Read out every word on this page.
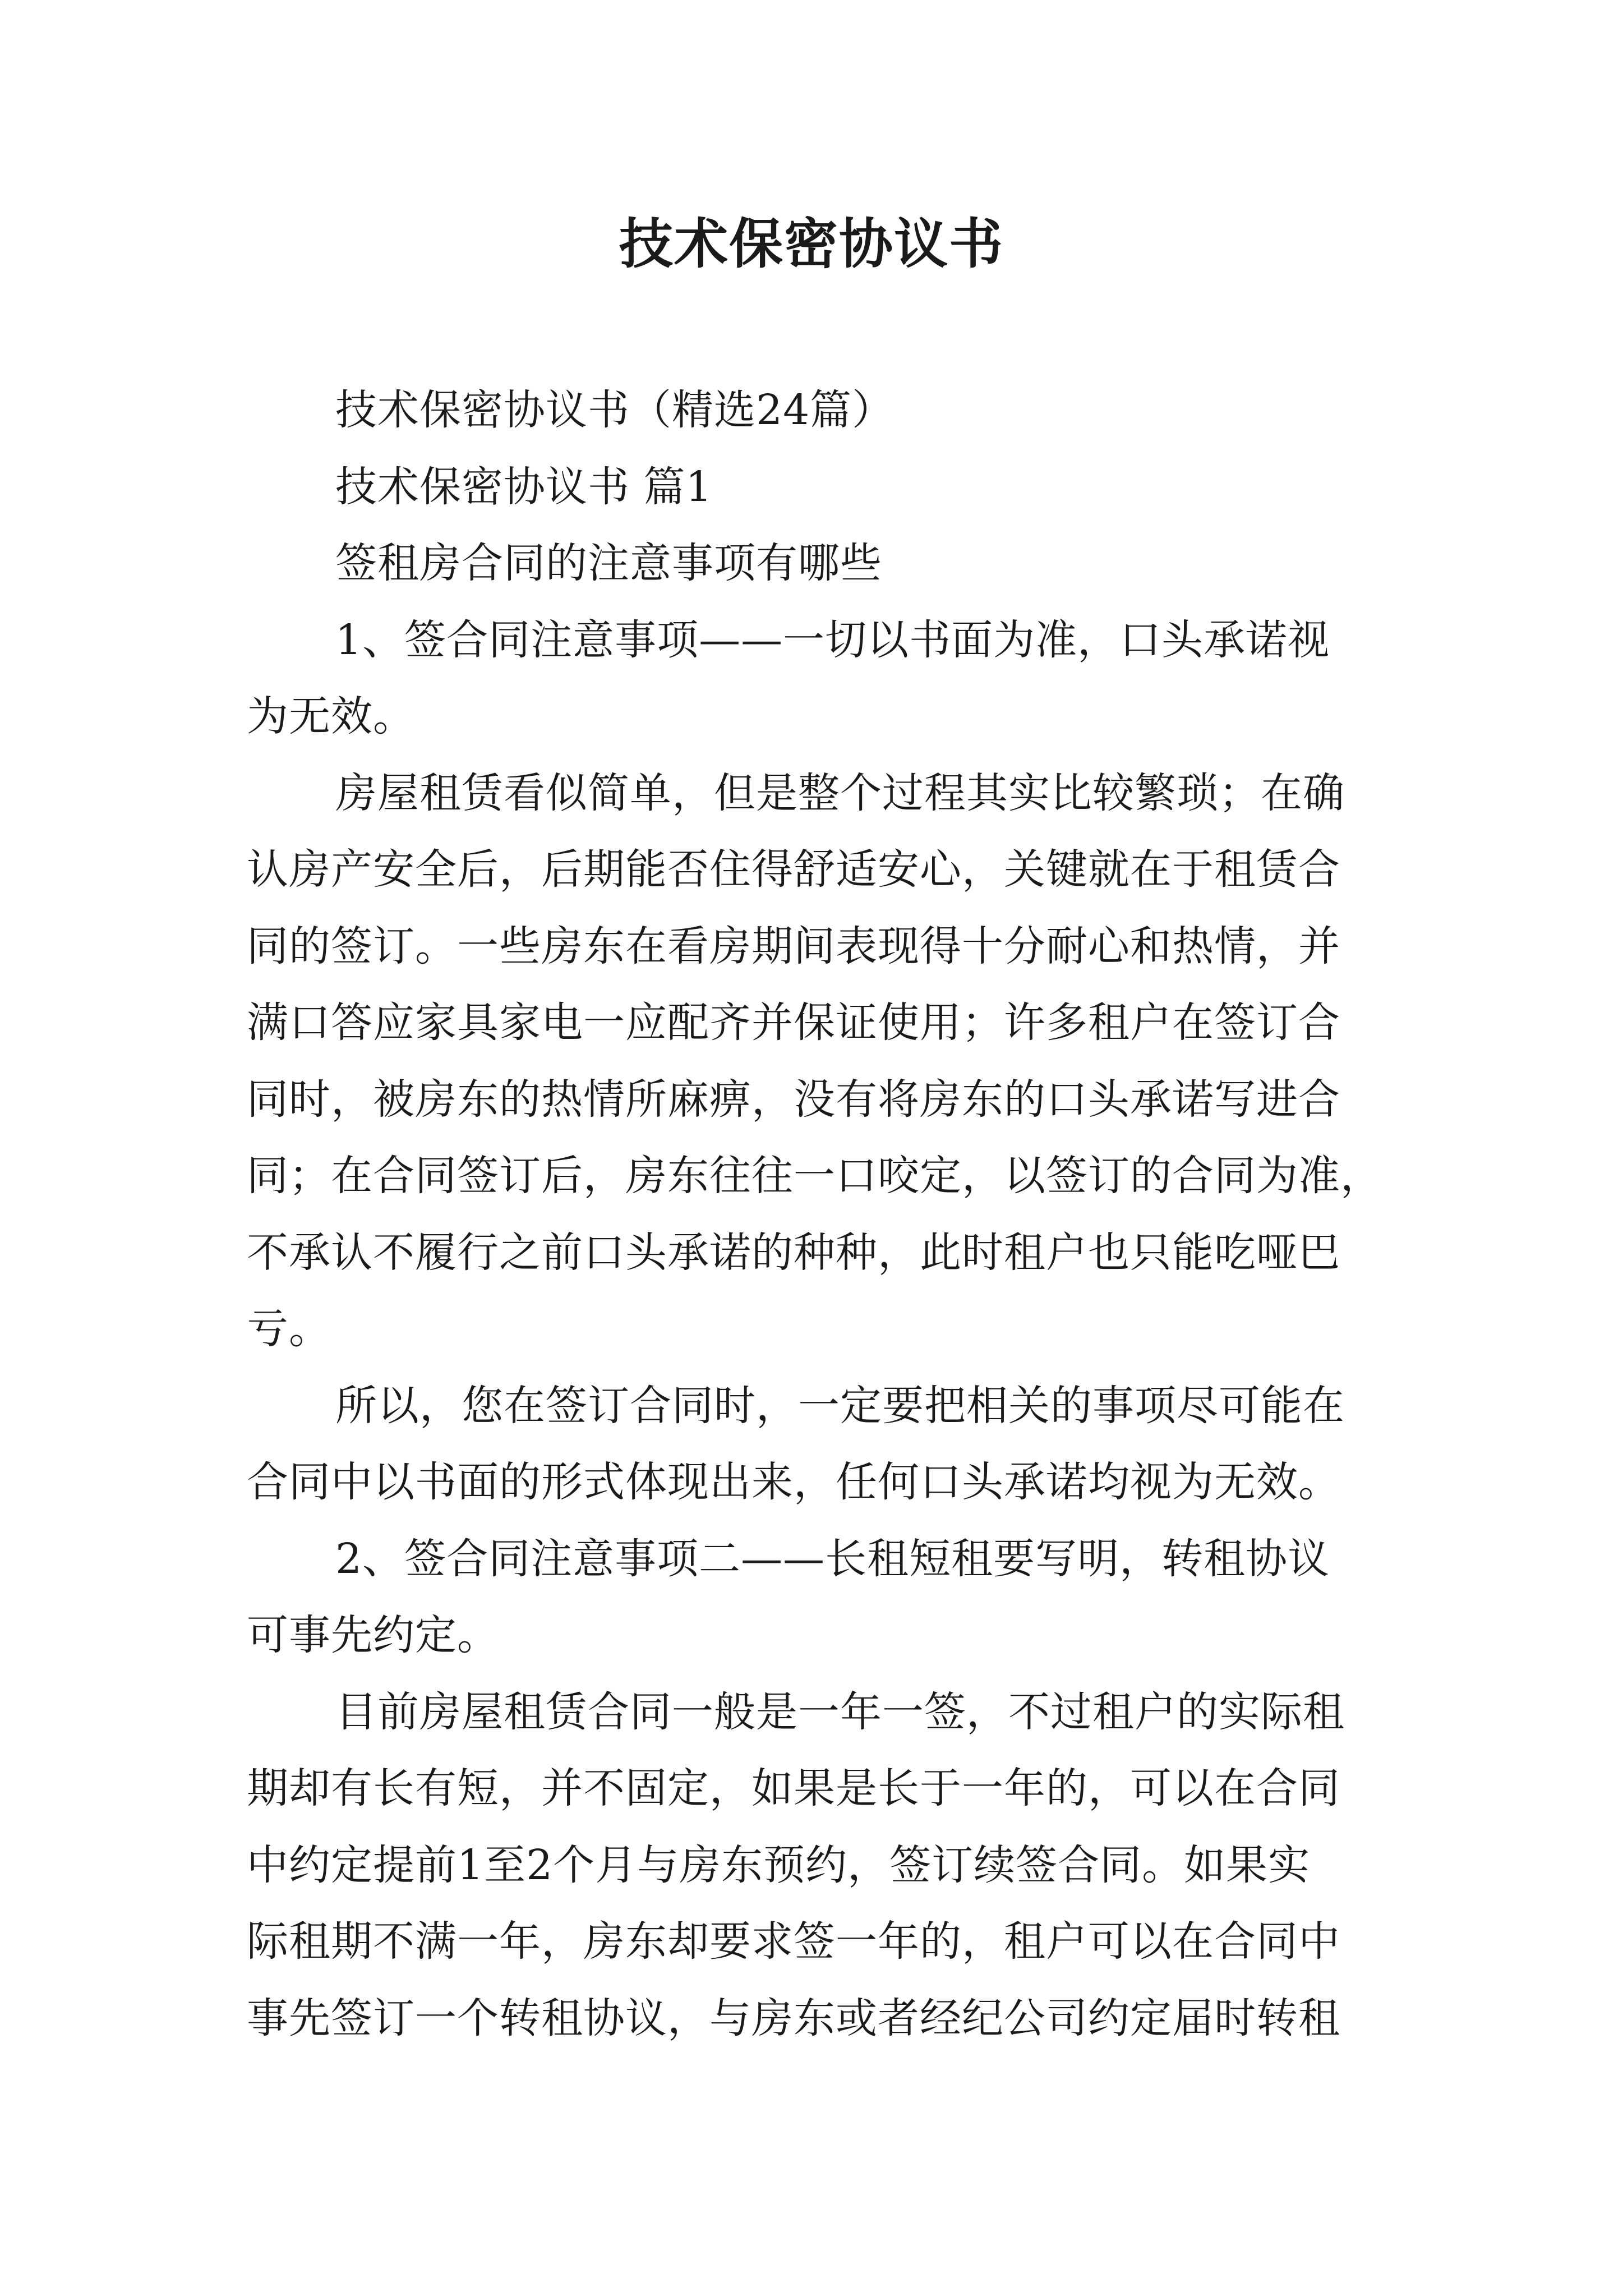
技术保密协议书
技术保密协议书（精选24篇）
技术保密协议书 篇1
签租房合同的注意事项有哪些
1、签合同注意事项——一切以书面为准，口头承诺视
为无效。
房屋租赁看似简单，但是整个过程其实比较繁琐；在确
认房产安全后，后期能否住得舒适安心，关键就在于租赁合
同的签订。一些房东在看房期间表现得十分耐心和热情，并
满口答应家具家电一应配齐并保证使用；许多租户在签订合
同时，被房东的热情所麻痹，没有将房东的口头承诺写进合
同；在合同签订后，房东往往一口咬定，以签订的合同为准，
不承认不履行之前口头承诺的种种，此时租户也只能吃哑巴
亏。
所以，您在签订合同时，一定要把相关的事项尽可能在
合同中以书面的形式体现出来，任何口头承诺均视为无效。
2、签合同注意事项二——长租短租要写明，转租协议
可事先约定。
目前房屋租赁合同一般是一年一签，不过租户的实际租
期却有长有短，并不固定，如果是长于一年的，可以在合同
中约定提前1至2个月与房东预约，签订续签合同。如果实
际租期不满一年，房东却要求签一年的，租户可以在合同中
事先签订一个转租协议，与房东或者经纪公司约定届时转租
